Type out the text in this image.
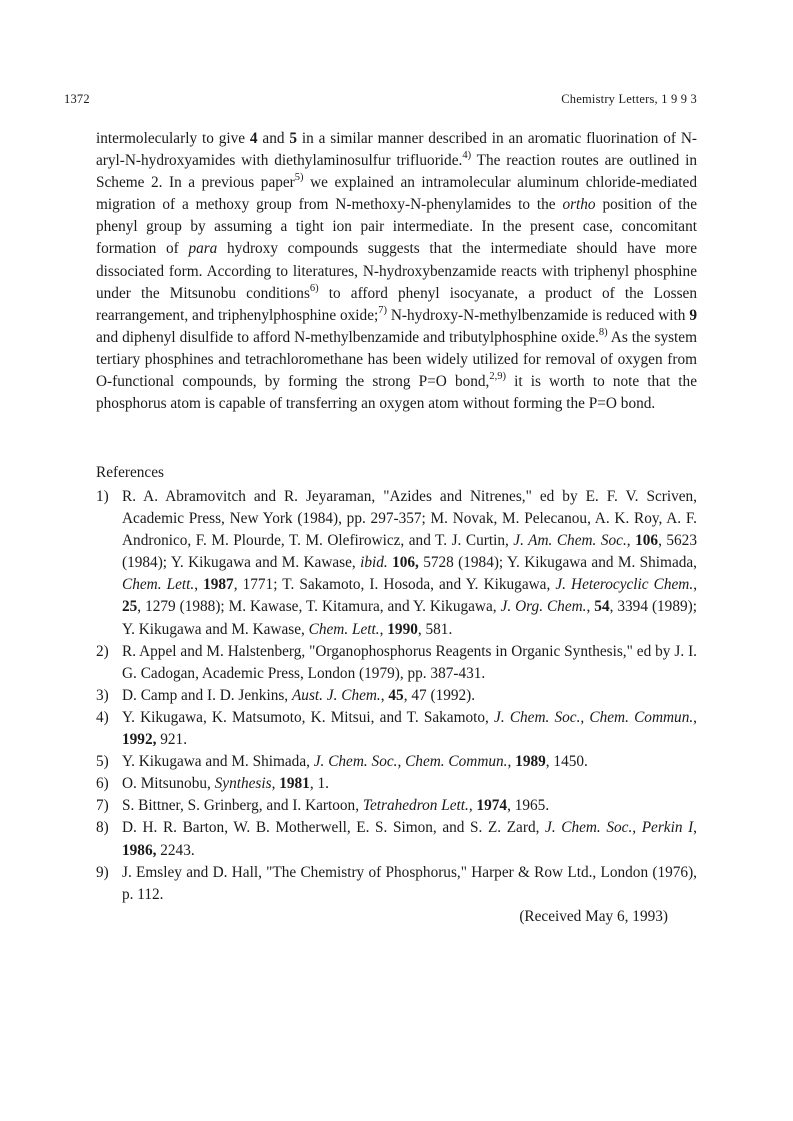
1372	Chemistry Letters, 1 9 9 3

intermolecularly to give 4 and 5 in a similar manner described in an aromatic fluorination of N-aryl-N-hydroxyamides with diethylaminosulfur trifluoride.$^{4)}$ The reaction routes are outlined in Scheme 2. In a previous paper$^{5)}$ we explained an intramolecular aluminum chloride-mediated migration of a methoxy group from N-methoxy-N-phenylamides to the ortho position of the phenyl group by assuming a tight ion pair intermediate. In the present case, concomitant formation of para hydroxy compounds suggests that the intermediate should have more dissociated form. According to literatures, N-hydroxybenzamide reacts with triphenyl phosphine under the Mitsunobu conditions$^{6)}$ to afford phenyl isocyanate, a product of the Lossen rearrangement, and triphenylphosphine oxide;$^{7)}$ N-hydroxy-N-methylbenzamide is reduced with 9 and diphenyl disulfide to afford N-methylbenzamide and tributylphosphine oxide.$^{8)}$ As the system tertiary phosphines and tetrachloromethane has been widely utilized for removal of oxygen from O-functional compounds, by forming the strong P=O bond,$^{2,9)}$ it is worth to note that the phosphorus atom is capable of transferring an oxygen atom without forming the P=O bond.

References
1) R. A. Abramovitch and R. Jeyaraman, "Azides and Nitrenes," ed by E. F. V. Scriven, Academic Press, New York (1984), pp. 297-357; M. Novak, M. Pelecanou, A. K. Roy, A. F. Andronico, F. M. Plourde, T. M. Olefirowicz, and T. J. Curtin, J. Am. Chem. Soc., 106, 5623 (1984); Y. Kikugawa and M. Kawase, ibid. 106, 5728 (1984); Y. Kikugawa and M. Shimada, Chem. Lett., 1987, 1771; T. Sakamoto, I. Hosoda, and Y. Kikugawa, J. Heterocyclic Chem., 25, 1279 (1988); M. Kawase, T. Kitamura, and Y. Kikugawa, J. Org. Chem., 54, 3394 (1989); Y. Kikugawa and M. Kawase, Chem. Lett., 1990, 581.
2) R. Appel and M. Halstenberg, "Organophosphorus Reagents in Organic Synthesis," ed by J. I. G. Cadogan, Academic Press, London (1979), pp. 387-431.
3) D. Camp and I. D. Jenkins, Aust. J. Chem., 45, 47 (1992).
4) Y. Kikugawa, K. Matsumoto, K. Mitsui, and T. Sakamoto, J. Chem. Soc., Chem. Commun., 1992, 921.
5) Y. Kikugawa and M. Shimada, J. Chem. Soc., Chem. Commun., 1989, 1450.
6) O. Mitsunobu, Synthesis, 1981, 1.
7) S. Bittner, S. Grinberg, and I. Kartoon, Tetrahedron Lett., 1974, 1965.
8) D. H. R. Barton, W. B. Motherwell, E. S. Simon, and S. Z. Zard, J. Chem. Soc., Perkin I, 1986, 2243.
9) J. Emsley and D. Hall, "The Chemistry of Phosphorus," Harper & Row Ltd., London (1976), p. 112.
(Received May 6, 1993)
